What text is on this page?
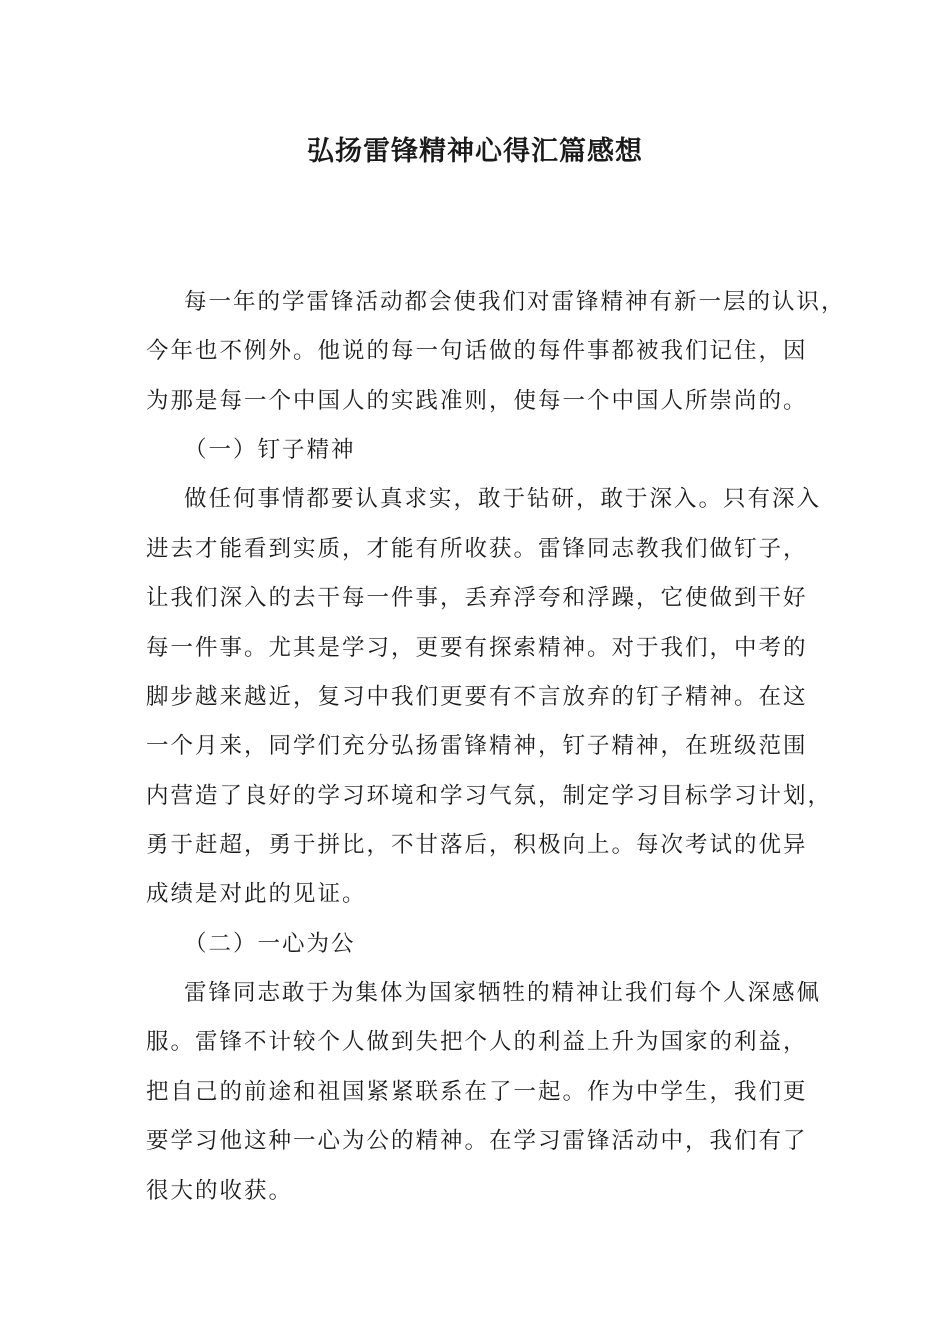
弘扬雷锋精神心得汇篇感想
每一年的学雷锋活动都会使我们对雷锋精神有新一层的认识，
今年也不例外。他说的每一句话做的每件事都被我们记住，因
为那是每一个中国人的实践准则，使每一个中国人所崇尚的。
（一）钉子精神
做任何事情都要认真求实，敢于钻研，敢于深入。只有深入
进去才能看到实质，才能有所收获。雷锋同志教我们做钉子，
让我们深入的去干每一件事，丢弃浮夸和浮躁，它使做到干好
每一件事。尤其是学习，更要有探索精神。对于我们，中考的
脚步越来越近，复习中我们更要有不言放弃的钉子精神。在这
一个月来，同学们充分弘扬雷锋精神，钉子精神，在班级范围
内营造了良好的学习环境和学习气氛，制定学习目标学习计划，
勇于赶超，勇于拼比，不甘落后，积极向上。每次考试的优异
成绩是对此的见证。
（二）一心为公
雷锋同志敢于为集体为国家牺牲的精神让我们每个人深感佩
服。雷锋不计较个人做到失把个人的利益上升为国家的利益，
把自己的前途和祖国紧紧联系在了一起。作为中学生，我们更
要学习他这种一心为公的精神。在学习雷锋活动中，我们有了
很大的收获。
